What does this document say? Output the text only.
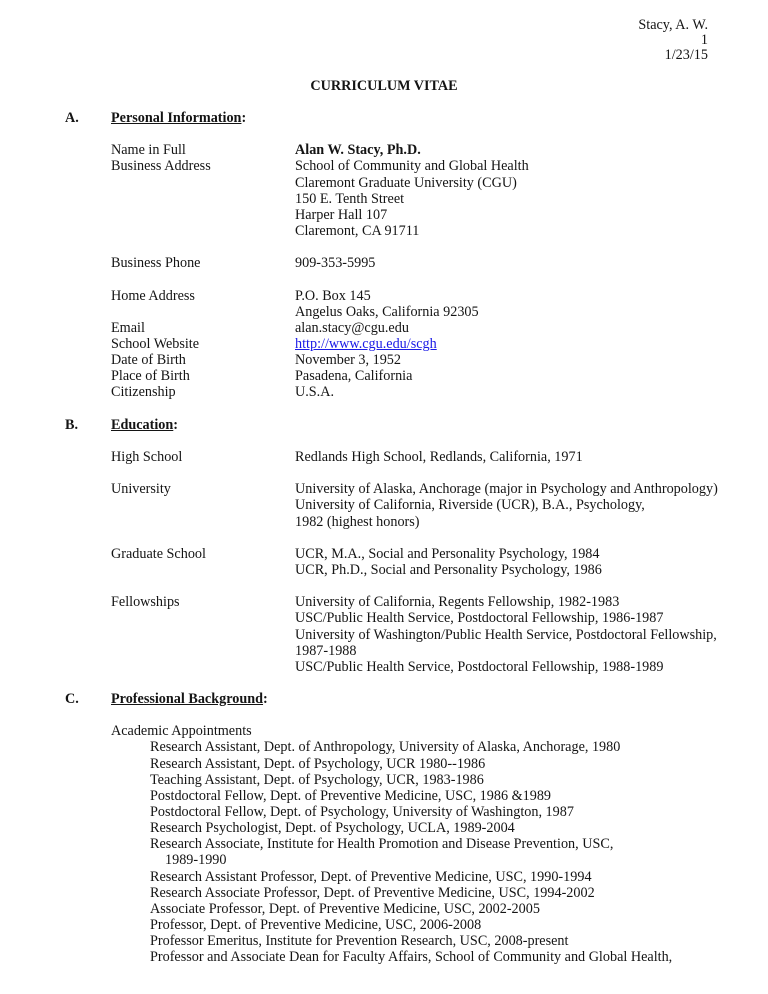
Stacy, A. W.
1
1/23/15
CURRICULUM VITAE
A. Personal Information:
Name in Full	Alan W. Stacy, Ph.D.
Business Address	School of Community and Global Health
Claremont Graduate University (CGU)
150 E. Tenth Street
Harper Hall 107
Claremont, CA 91711
Business Phone	909-353-5995
Home Address	P.O. Box 145
Angelus Oaks, California 92305
Email	alan.stacy@cgu.edu
School Website	http://www.cgu.edu/scgh
Date of Birth	November 3, 1952
Place of Birth	Pasadena, California
Citizenship	U.S.A.
B. Education:
High School	Redlands High School, Redlands, California, 1971
University	University of Alaska, Anchorage (major in Psychology and Anthropology)
University of California, Riverside (UCR), B.A., Psychology,
1982 (highest honors)
Graduate School	UCR, M.A., Social and Personality Psychology, 1984
UCR, Ph.D., Social and Personality Psychology, 1986
Fellowships	University of California, Regents Fellowship, 1982-1983
USC/Public Health Service, Postdoctoral Fellowship, 1986-1987
University of Washington/Public Health Service, Postdoctoral Fellowship,
1987-1988
USC/Public Health Service, Postdoctoral Fellowship, 1988-1989
C. Professional Background:
Academic Appointments
Research Assistant, Dept. of Anthropology, University of Alaska, Anchorage, 1980
Research Assistant, Dept. of Psychology, UCR 1980--1986
Teaching Assistant, Dept. of Psychology, UCR, 1983-1986
Postdoctoral Fellow, Dept. of Preventive Medicine, USC, 1986 &1989
Postdoctoral Fellow, Dept. of Psychology, University of Washington, 1987
Research Psychologist, Dept. of Psychology, UCLA, 1989-2004
Research Associate, Institute for Health Promotion and Disease Prevention, USC,
1989-1990
Research Assistant Professor, Dept. of Preventive Medicine, USC, 1990-1994
Research Associate Professor, Dept. of Preventive Medicine, USC, 1994-2002
Associate Professor, Dept. of Preventive Medicine, USC, 2002-2005
Professor, Dept. of Preventive Medicine, USC, 2006-2008
Professor Emeritus, Institute for Prevention Research, USC, 2008-present
Professor and Associate Dean for Faculty Affairs, School of Community and Global Health,
